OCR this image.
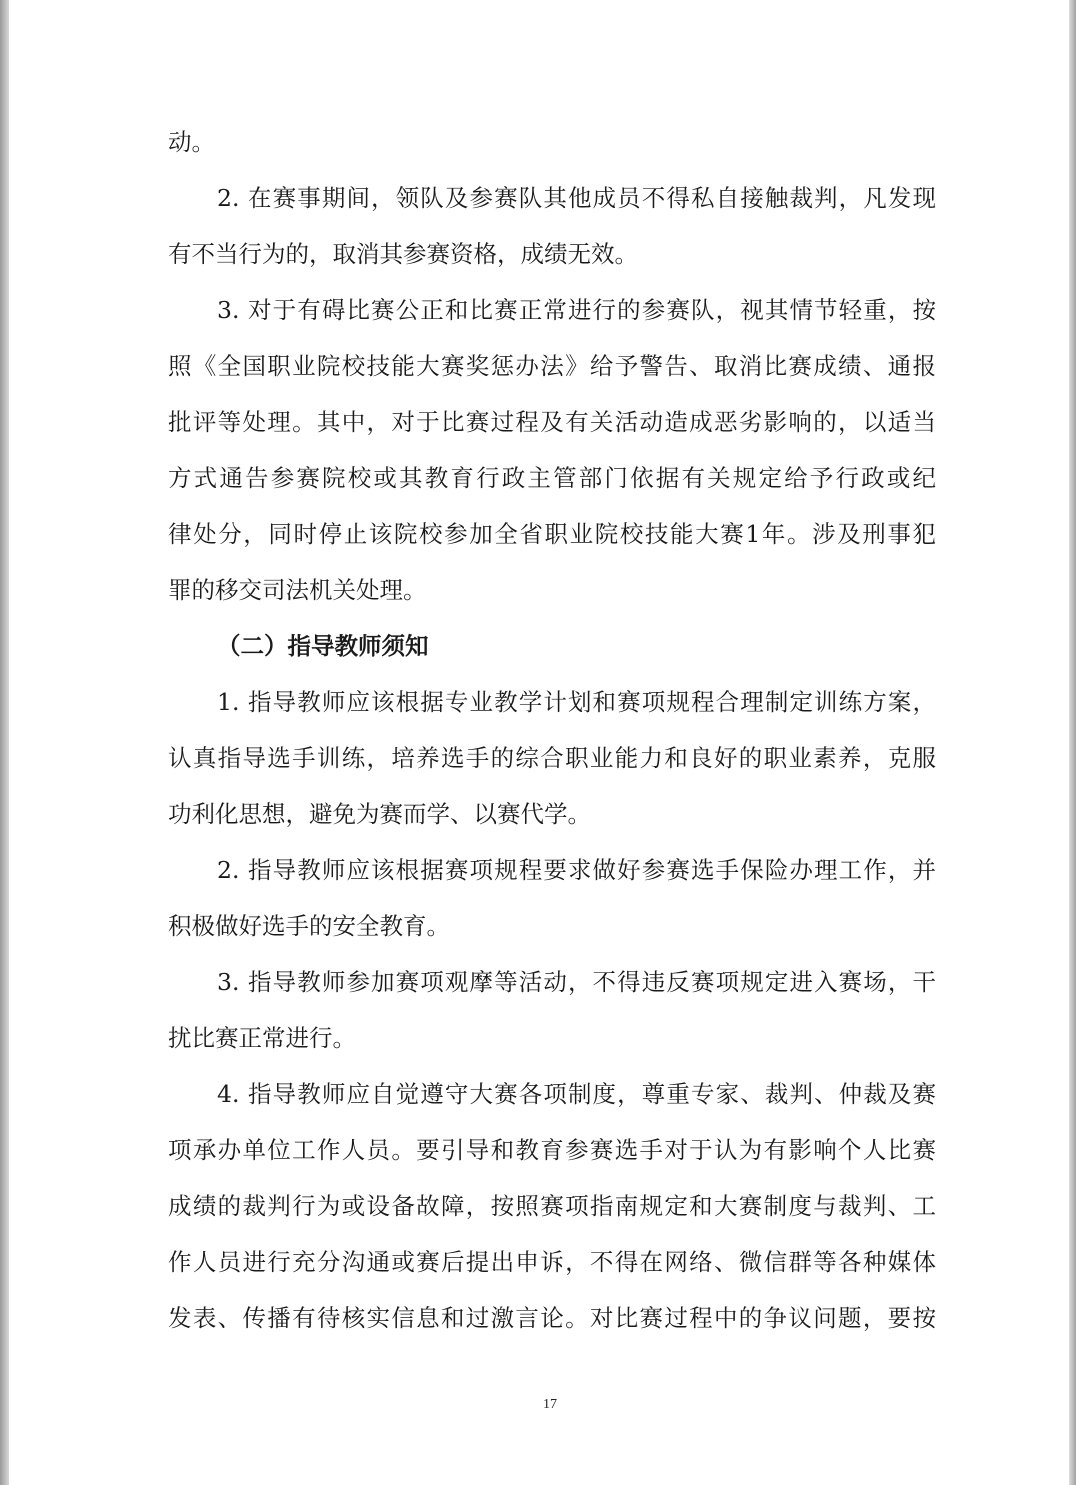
动。
2. 在赛事期间，领队及参赛队其他成员不得私自接触裁判，凡发现
有不当行为的，取消其参赛资格，成绩无效。
3. 对于有碍比赛公正和比赛正常进行的参赛队，视其情节轻重，按
照《全国职业院校技能大赛奖惩办法》给予警告、取消比赛成绩、通报
批评等处理。其中，对于比赛过程及有关活动造成恶劣影响的，以适当
方式通告参赛院校或其教育行政主管部门依据有关规定给予行政或纪
律处分，同时停止该院校参加全省职业院校技能大赛1年。涉及刑事犯
罪的移交司法机关处理。
（二）指导教师须知
1. 指导教师应该根据专业教学计划和赛项规程合理制定训练方案，
认真指导选手训练，培养选手的综合职业能力和良好的职业素养，克服
功利化思想，避免为赛而学、以赛代学。
2. 指导教师应该根据赛项规程要求做好参赛选手保险办理工作，并
积极做好选手的安全教育。
3. 指导教师参加赛项观摩等活动，不得违反赛项规定进入赛场，干
扰比赛正常进行。
4. 指导教师应自觉遵守大赛各项制度，尊重专家、裁判、仲裁及赛
项承办单位工作人员。要引导和教育参赛选手对于认为有影响个人比赛
成绩的裁判行为或设备故障，按照赛项指南规定和大赛制度与裁判、工
作人员进行充分沟通或赛后提出申诉，不得在网络、微信群等各种媒体
发表、传播有待核实信息和过激言论。对比赛过程中的争议问题，要按
17
